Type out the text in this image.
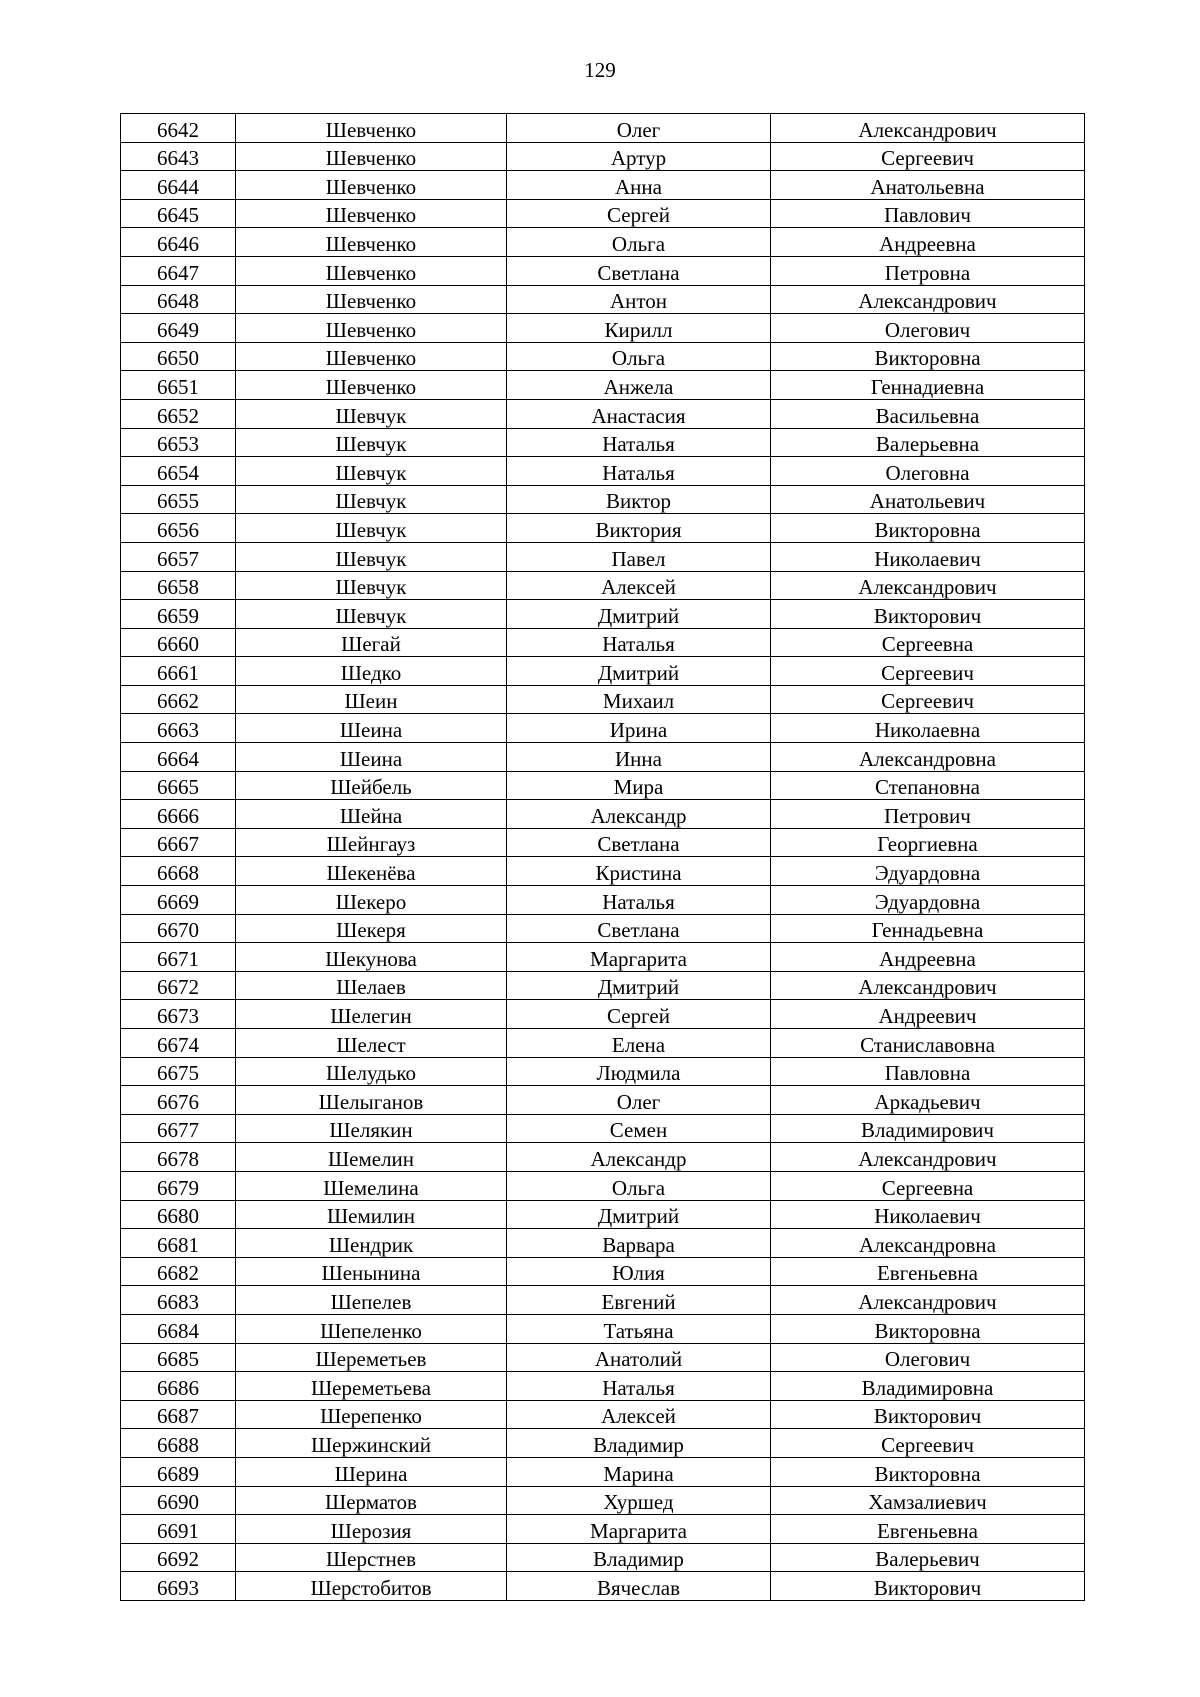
129
6642	Шевченко	Олег	Александрович
6643	Шевченко	Артур	Сергеевич
6644	Шевченко	Анна	Анатольевна
6645	Шевченко	Сергей	Павлович
6646	Шевченко	Ольга	Андреевна
6647	Шевченко	Светлана	Петровна
6648	Шевченко	Антон	Александрович
6649	Шевченко	Кирилл	Олегович
6650	Шевченко	Ольга	Викторовна
6651	Шевченко	Анжела	Геннадиевна
6652	Шевчук	Анастасия	Васильевна
6653	Шевчук	Наталья	Валерьевна
6654	Шевчук	Наталья	Олеговна
6655	Шевчук	Виктор	Анатольевич
6656	Шевчук	Виктория	Викторовна
6657	Шевчук	Павел	Николаевич
6658	Шевчук	Алексей	Александрович
6659	Шевчук	Дмитрий	Викторович
6660	Шегай	Наталья	Сергеевна
6661	Шедко	Дмитрий	Сергеевич
6662	Шеин	Михаил	Сергеевич
6663	Шеина	Ирина	Николаевна
6664	Шеина	Инна	Александровна
6665	Шейбель	Мира	Степановна
6666	Шейна	Александр	Петрович
6667	Шейнгауз	Светлана	Георгиевна
6668	Шекенёва	Кристина	Эдуардовна
6669	Шекеро	Наталья	Эдуардовна
6670	Шекеря	Светлана	Геннадьевна
6671	Шекунова	Маргарита	Андреевна
6672	Шелаев	Дмитрий	Александрович
6673	Шелегин	Сергей	Андреевич
6674	Шелест	Елена	Станиславовна
6675	Шелудько	Людмила	Павловна
6676	Шелыганов	Олег	Аркадьевич
6677	Шелякин	Семен	Владимирович
6678	Шемелин	Александр	Александрович
6679	Шемелина	Ольга	Сергеевна
6680	Шемилин	Дмитрий	Николаевич
6681	Шендрик	Варвара	Александровна
6682	Шенынина	Юлия	Евгеньевна
6683	Шепелев	Евгений	Александрович
6684	Шепеленко	Татьяна	Викторовна
6685	Шереметьев	Анатолий	Олегович
6686	Шереметьева	Наталья	Владимировна
6687	Шерепенко	Алексей	Викторович
6688	Шержинский	Владимир	Сергеевич
6689	Шерина	Марина	Викторовна
6690	Шерматов	Хуршед	Хамзалиевич
6691	Шерозия	Маргарита	Евгеньевна
6692	Шерстнев	Владимир	Валерьевич
6693	Шерстобитов	Вячеслав	Викторович
